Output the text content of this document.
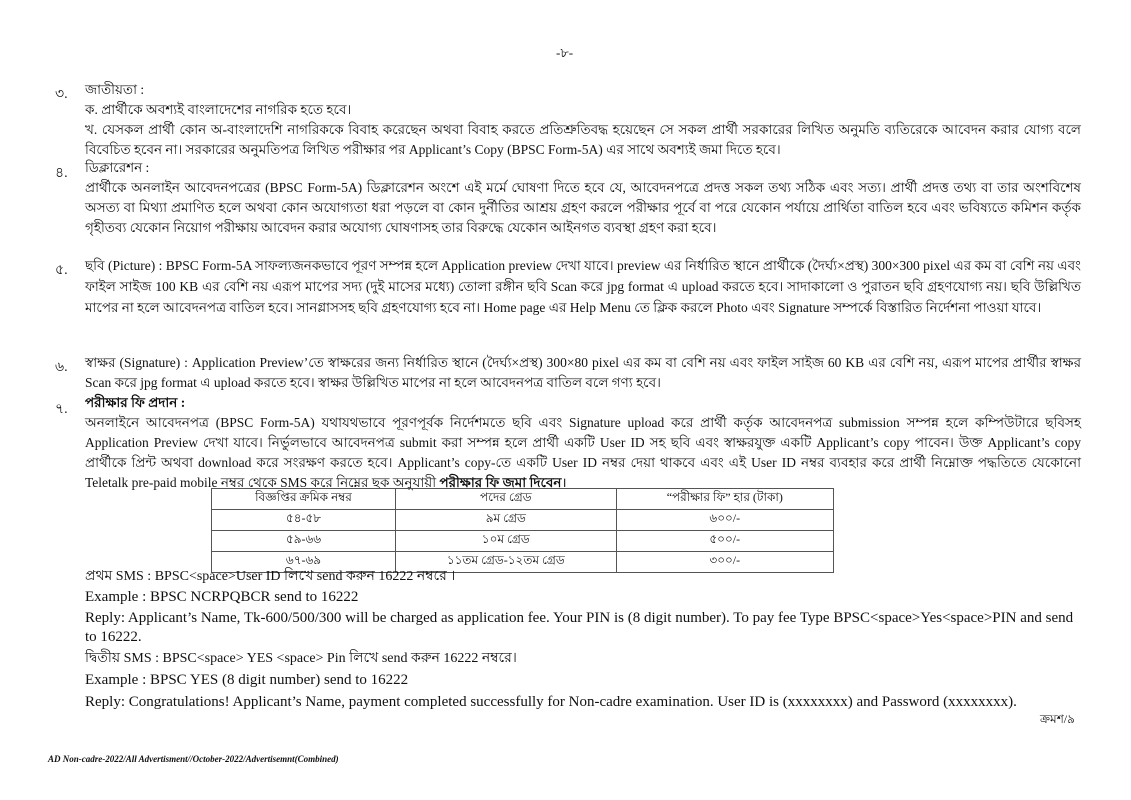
-৮-
৩. জাতীয়তা :

ক. প্রার্থীকে অবশ্যই বাংলাদেশের নাগরিক হতে হবে।

খ. যেসকল প্রার্থী কোন অ-বাংলাদেশি নাগরিককে বিবাহ করেছেন অথবা বিবাহ করতে প্রতিশ্রুতিবদ্ধ হয়েছেন সে সকল প্রার্থী সরকারের লিখিত অনুমতি ব্যতিরেকে আবেদন করার যোগ্য বলে বিবেচিত হবেন না। সরকারের অনুমতিপত্র লিখিত পরীক্ষার পর Applicant’s Copy (BPSC Form-5A) এর সাথে অবশ্যই জমা দিতে হবে।

৪. ডিক্লারেশন :

প্রার্থীকে অনলাইন আবেদনপত্রের (BPSC Form-5A) ডিক্লারেশন অংশে এই মর্মে ঘোষণা দিতে হবে যে, আবেদনপত্রে প্রদত্ত সকল তথ্য সঠিক এবং সত্য। প্রার্থী প্রদত্ত তথ্য বা তার অংশবিশেষ অসত্য বা মিথ্যা প্রমাণিত হলে অথবা কোন অযোগ্যতা ধরা পড়লে বা কোন দুর্নীতির আশ্রয় গ্রহণ করলে পরীক্ষার পূর্বে বা পরে যেকোন পর্যায়ে প্রার্থিতা বাতিল হবে এবং ভবিষ্যতে কমিশন কর্তৃক গৃহীতব্য যেকোন নিয়োগ পরীক্ষায় আবেদন করার অযোগ্য ঘোষণাসহ তার বিরুদ্ধে যেকোন আইনগত ব্যবস্থা গ্রহণ করা হবে।

৫. ছবি (Picture) : BPSC Form-5A সাফল্যজনকভাবে পূরণ সম্পন্ন হলে Application preview দেখা যাবে। preview এর নির্ধারিত স্থানে প্রার্থীকে (দৈর্ঘ্য×প্রস্থ) 300×300 pixel এর কম বা বেশি নয় এবং ফাইল সাইজ 100 KB এর বেশি নয় এরূপ মাপের সদ্য (দুই মাসের মধ্যে) তোলা রঙ্গীন ছবি Scan করে jpg format এ upload করতে হবে। সাদাকালো ও পুরাতন ছবি গ্রহণযোগ্য নয়। ছবি উল্লিখিত মাপের না হলে আবেদনপত্র বাতিল হবে। সানগ্লাসসহ ছবি গ্রহণযোগ্য হবে না। Home page এর Help Menu তে ক্লিক করলে Photo এবং Signature সম্পর্কে বিস্তারিত নির্দেশনা পাওয়া যাবে।

৬. স্বাক্ষর (Signature) : Application Preview’তে স্বাক্ষরের জন্য নির্ধারিত স্থানে (দৈর্ঘ্য×প্রস্থ) 300×80 pixel এর কম বা বেশি নয় এবং ফাইল সাইজ 60 KB এর বেশি নয়, এরূপ মাপের প্রার্থীর স্বাক্ষর Scan করে jpg format এ upload করতে হবে। স্বাক্ষর উল্লিখিত মাপের না হলে আবেদনপত্র বাতিল বলে গণ্য হবে।

৭. পরীক্ষার ফি প্রদান :

অনলাইনে আবেদনপত্র (BPSC Form-5A) যথাযথভাবে পূরণপূর্বক নির্দেশমতে ছবি এবং Signature upload করে প্রার্থী কর্তৃক আবেদনপত্র submission সম্পন্ন হলে কম্পিউটারে ছবিসহ Application Preview দেখা যাবে। নির্ভুলভাবে আবেদনপত্র submit করা সম্পন্ন হলে প্রার্থী একটি User ID সহ ছবি এবং স্বাক্ষরযুক্ত একটি Applicant’s copy পাবেন। উক্ত Applicant’s copy প্রার্থীকে প্রিন্ট অথবা download করে সংরক্ষণ করতে হবে। Applicant’s copy-তে একটি User ID নম্বর দেয়া থাকবে এবং এই User ID নম্বর ব্যবহার করে প্রার্থী নিম্নোক্ত পদ্ধতিতে যেকোনো Teletalk pre-paid mobile নম্বর থেকে SMS করে নিম্নের ছক অনুযায়ী পরীক্ষার ফি জমা দিবেন।

বিজ্ঞপ্তির ক্রমিক নম্বর	পদের গ্রেড	“পরীক্ষার ফি” হার (টাকা)
৫৪-৫৮	৯ম গ্রেড	৬০০/-
৫৯-৬৬	১০ম গ্রেড	৫০০/-
৬৭-৬৯	১১তম গ্রেড-১২তম গ্রেড	৩০০/-

প্রথম SMS : BPSC<space>User ID লিখে send করুন 16222 নম্বরে ।

Example : BPSC NCRPQBCR send to 16222

Reply: Applicant’s Name, Tk-600/500/300 will be charged as application fee. Your PIN is (8 digit number). To pay fee Type BPSC<space>Yes<space>PIN and send to 16222.

দ্বিতীয় SMS : BPSC<space> YES <space> Pin লিখে send করুন 16222 নম্বরে।

Example : BPSC YES (8 digit number) send to 16222

Reply: Congratulations! Applicant’s Name, payment completed successfully for Non-cadre examination. User ID is (xxxxxxxx) and Password (xxxxxxxx).

ক্রমশ/৯
AD Non-cadre-2022/All Advertisment//October-2022/Advertisemnt(Combined)
